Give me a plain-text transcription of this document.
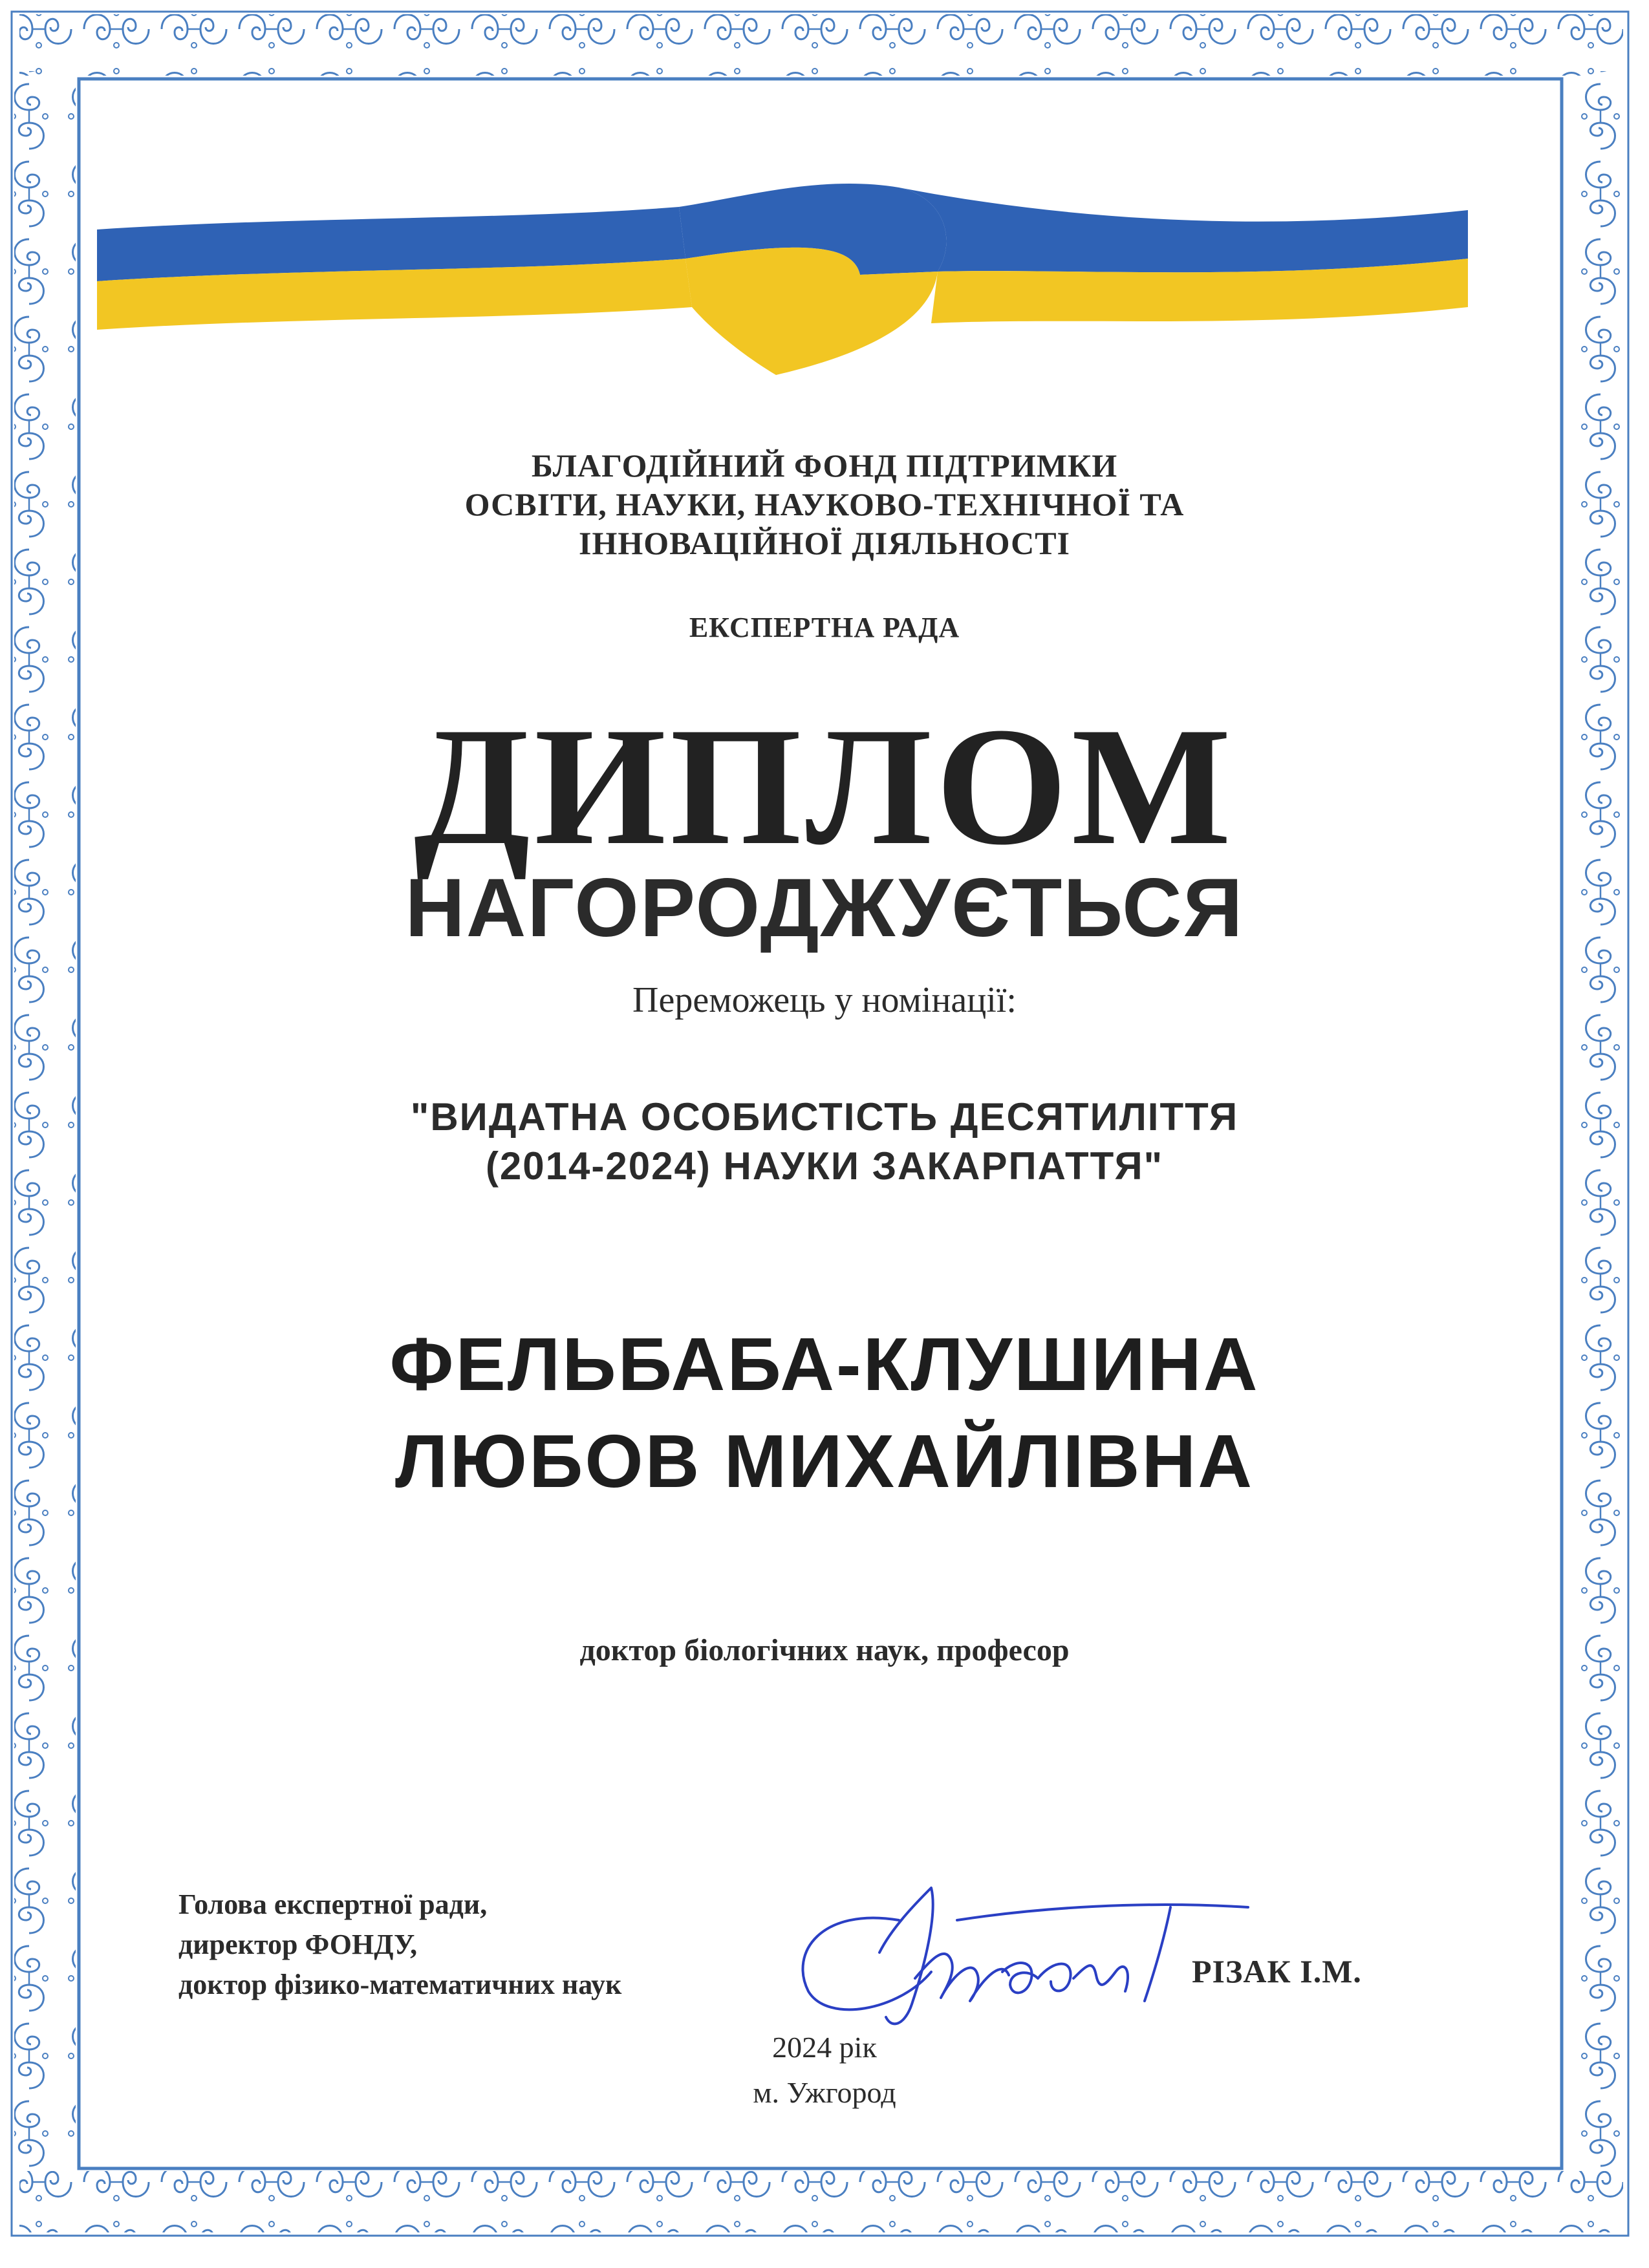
БЛАГОДІЙНИЙ ФОНД ПІДТРИМКИ
ОСВІТИ, НАУКИ, НАУКОВО-ТЕХНІЧНОЇ ТА
ІННОВАЦІЙНОЇ ДІЯЛЬНОСТІ
ЕКСПЕРТНА РАДА
ДИПЛОМ
НАГОРОДЖУЄТЬСЯ
Переможець у номінації:
"ВИДАТНА ОСОБИСТІСТЬ ДЕСЯТИЛІТТЯ
(2014-2024) НАУКИ ЗАКАРПАТТЯ"
ФЕЛЬБАБА-КЛУШИНА
ЛЮБОВ МИХАЙЛІВНА
доктор біологічних наук, професор
Голова експертної ради,
директор ФОНДУ,
доктор фізико-математичних наук	РІЗАК І.М.
2024 рік
м. Ужгород
